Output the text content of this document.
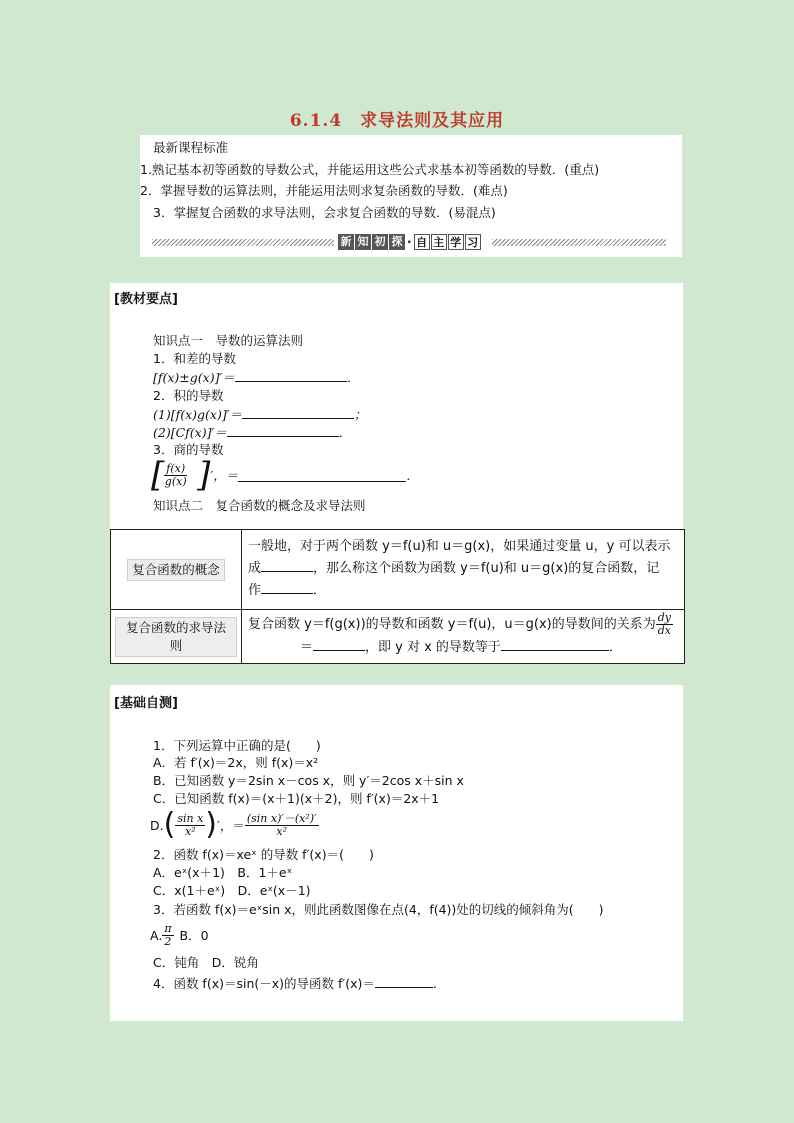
6.1.4　求导法则及其应用
最新课程标准
1.熟记基本初等函数的导数公式，并能运用这些公式求基本初等函数的导数．(重点)
2．掌握导数的运算法则，并能运用法则求复杂函数的导数．(难点)
3．掌握复合函数的求导法则，会求复合函数的导数．(易混点)
新 知 初 探 · 自 主 学 习
[教材要点]
知识点一　导数的运算法则
1．和差的导数
[f(x)±g(x)]′＝	．
2．积的导数
(1)[f(x)g(x)]′＝	；
(2)[Cf(x)]′＝	．
3．商的导数
[ $\frac{f(x)}{g(x)}$ ] ′，＝	．
知识点二　复合函数的概念及求导法则
复合函数的概念	一般地，对于两个函数 y＝f(u)和 u＝g(x)，如果通过变量 u，y 可以表示
成 ，那么称这个函数为函数 y＝f(u)和 u＝g(x)的复合函数，记
作 ．

复合函数的求导法则	复合函数 y＝f(g(x))的导数和函数 y＝f(u)，u＝g(x)的导数间的关系为 $\frac{dy}{dx}$
＝ ，即 y 对 x 的导数等于 ．
[基础自测]
1．下列运算中正确的是(　　)
A．若 f′(x)＝2x，则 f(x)＝x²
B．已知函数 y＝2sin x－cos x，则 y′＝2cos x＋sin x
C．已知函数 f(x)＝(x＋1)(x＋2)，则 f′(x)＝2x＋1
D. ( $\frac{\text{sin x}}{\text{x²}}$ ) ′，＝ $\frac{\text{(sin x)′－(x²)′}}{\text{x²}}$
2．函数 f(x)＝xeˣ 的导数 f′(x)＝(　　)
A．eˣ(x＋1)　B．1＋eˣ
C．x(1＋eˣ)　D．eˣ(x－1)
3．若函数 f(x)＝eˣsin x，则此函数图像在点(4，f(4))处的切线的倾斜角为(　　)
A. $\frac{\pi}{2}$ B．0
C．钝角　D．锐角
4．函数 f(x)＝sin(－x)的导函数 f′(x)＝	.
